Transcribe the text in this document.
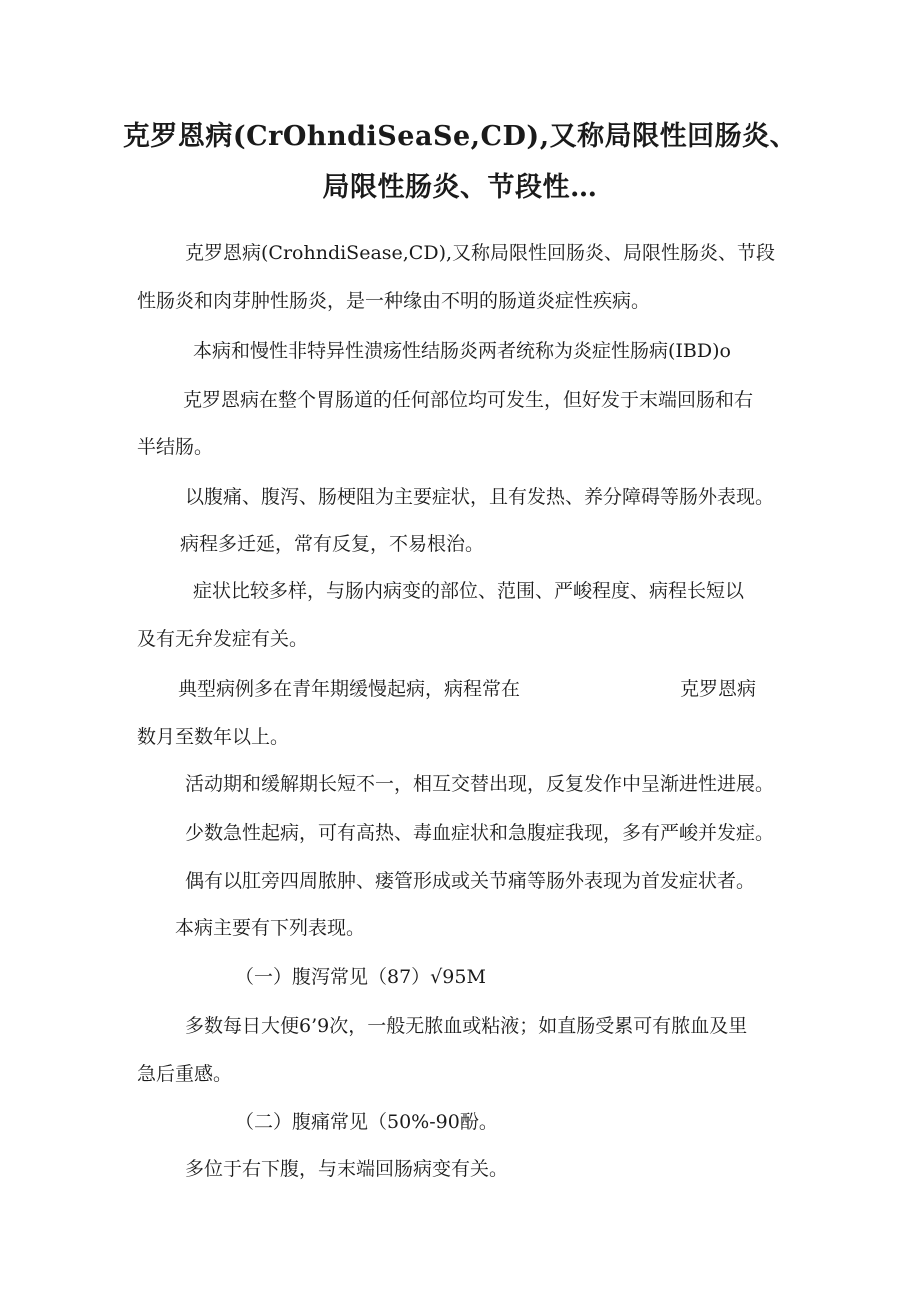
克罗恩病(CrOhndiSeaSe,CD),又称局限性回肠炎、
局限性肠炎、节段性…
克罗恩病(CrohndiSease,CD),又称局限性回肠炎、局限性肠炎、节段
性肠炎和肉芽肿性肠炎，是一种缘由不明的肠道炎症性疾病。
本病和慢性非特异性溃疡性结肠炎两者统称为炎症性肠病(IBD)o
克罗恩病在整个胃肠道的任何部位均可发生，但好发于末端回肠和右
半结肠。
以腹痛、腹泻、肠梗阻为主要症状，且有发热、养分障碍等肠外表现。
病程多迁延，常有反复，不易根治。
症状比较多样，与肠内病变的部位、范围、严峻程度、病程长短以
及有无弁发症有关。
典型病例多在青年期缓慢起病，病程常在	克罗恩病
数月至数年以上。
活动期和缓解期长短不一，相互交替出现，反复发作中呈渐进性进展。
少数急性起病，可有高热、毒血症状和急腹症我现，多有严峻并发症。
偶有以肛旁四周脓肿、瘘管形成或关节痛等肠外表现为首发症状者。
本病主要有下列表现。
（一）腹泻常见（87）√95M
多数每日大便6’9次，一般无脓血或粘液；如直肠受累可有脓血及里
急后重感。
（二）腹痛常见（50%-90酚。
多位于右下腹，与末端回肠病变有关。
